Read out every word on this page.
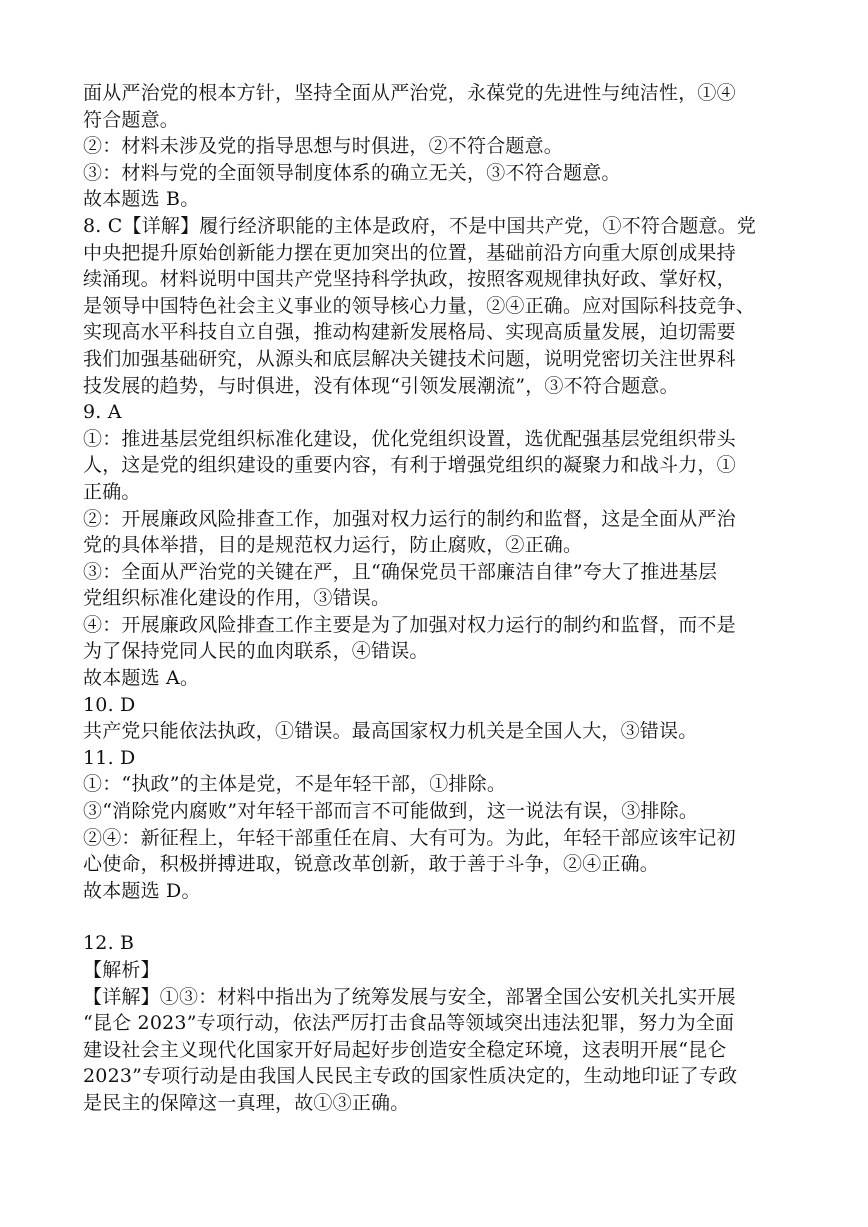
面从严治党的根本方针，坚持全面从严治党，永葆党的先进性与纯洁性，①④
符合题意。
②：材料未涉及党的指导思想与时俱进，②不符合题意。
③：材料与党的全面领导制度体系的确立无关，③不符合题意。
故本题选 B。
8. C【详解】履行经济职能的主体是政府，不是中国共产党，①不符合题意。党
中央把提升原始创新能力摆在更加突出的位置，基础前沿方向重大原创成果持
续涌现。材料说明中国共产党坚持科学执政，按照客观规律执好政、掌好权，
是领导中国特色社会主义事业的领导核心力量，②④正确。应对国际科技竞争、
实现高水平科技自立自强，推动构建新发展格局、实现高质量发展，迫切需要
我们加强基础研究，从源头和底层解决关键技术问题，说明党密切关注世界科
技发展的趋势，与时俱进，没有体现“引领发展潮流”，③不符合题意。
9. A
①：推进基层党组织标准化建设，优化党组织设置，选优配强基层党组织带头
人，这是党的组织建设的重要内容，有利于增强党组织的凝聚力和战斗力，①
正确。
②：开展廉政风险排查工作，加强对权力运行的制约和监督，这是全面从严治
党的具体举措，目的是规范权力运行，防止腐败，②正确。
③：全面从严治党的关键在严，且“确保党员干部廉洁自律”夸大了推进基层
党组织标准化建设的作用，③错误。
④：开展廉政风险排查工作主要是为了加强对权力运行的制约和监督，而不是
为了保持党同人民的血肉联系，④错误。
故本题选 A。
10. D
共产党只能依法执政，①错误。最高国家权力机关是全国人大，③错误。
11. D
①：“执政”的主体是党，不是年轻干部，①排除。
③“消除党内腐败”对年轻干部而言不可能做到，这一说法有误，③排除。
②④：新征程上，年轻干部重任在肩、大有可为。为此，年轻干部应该牢记初
心使命，积极拼搏进取，锐意改革创新，敢于善于斗争，②④正确。
故本题选 D。
12. B
【解析】
【详解】①③：材料中指出为了统筹发展与安全，部署全国公安机关扎实开展
“昆仑 2023”专项行动，依法严厉打击食品等领域突出违法犯罪，努力为全面
建设社会主义现代化国家开好局起好步创造安全稳定环境，这表明开展“昆仑
2023”专项行动是由我国人民民主专政的国家性质决定的，生动地印证了专政
是民主的保障这一真理，故①③正确。
